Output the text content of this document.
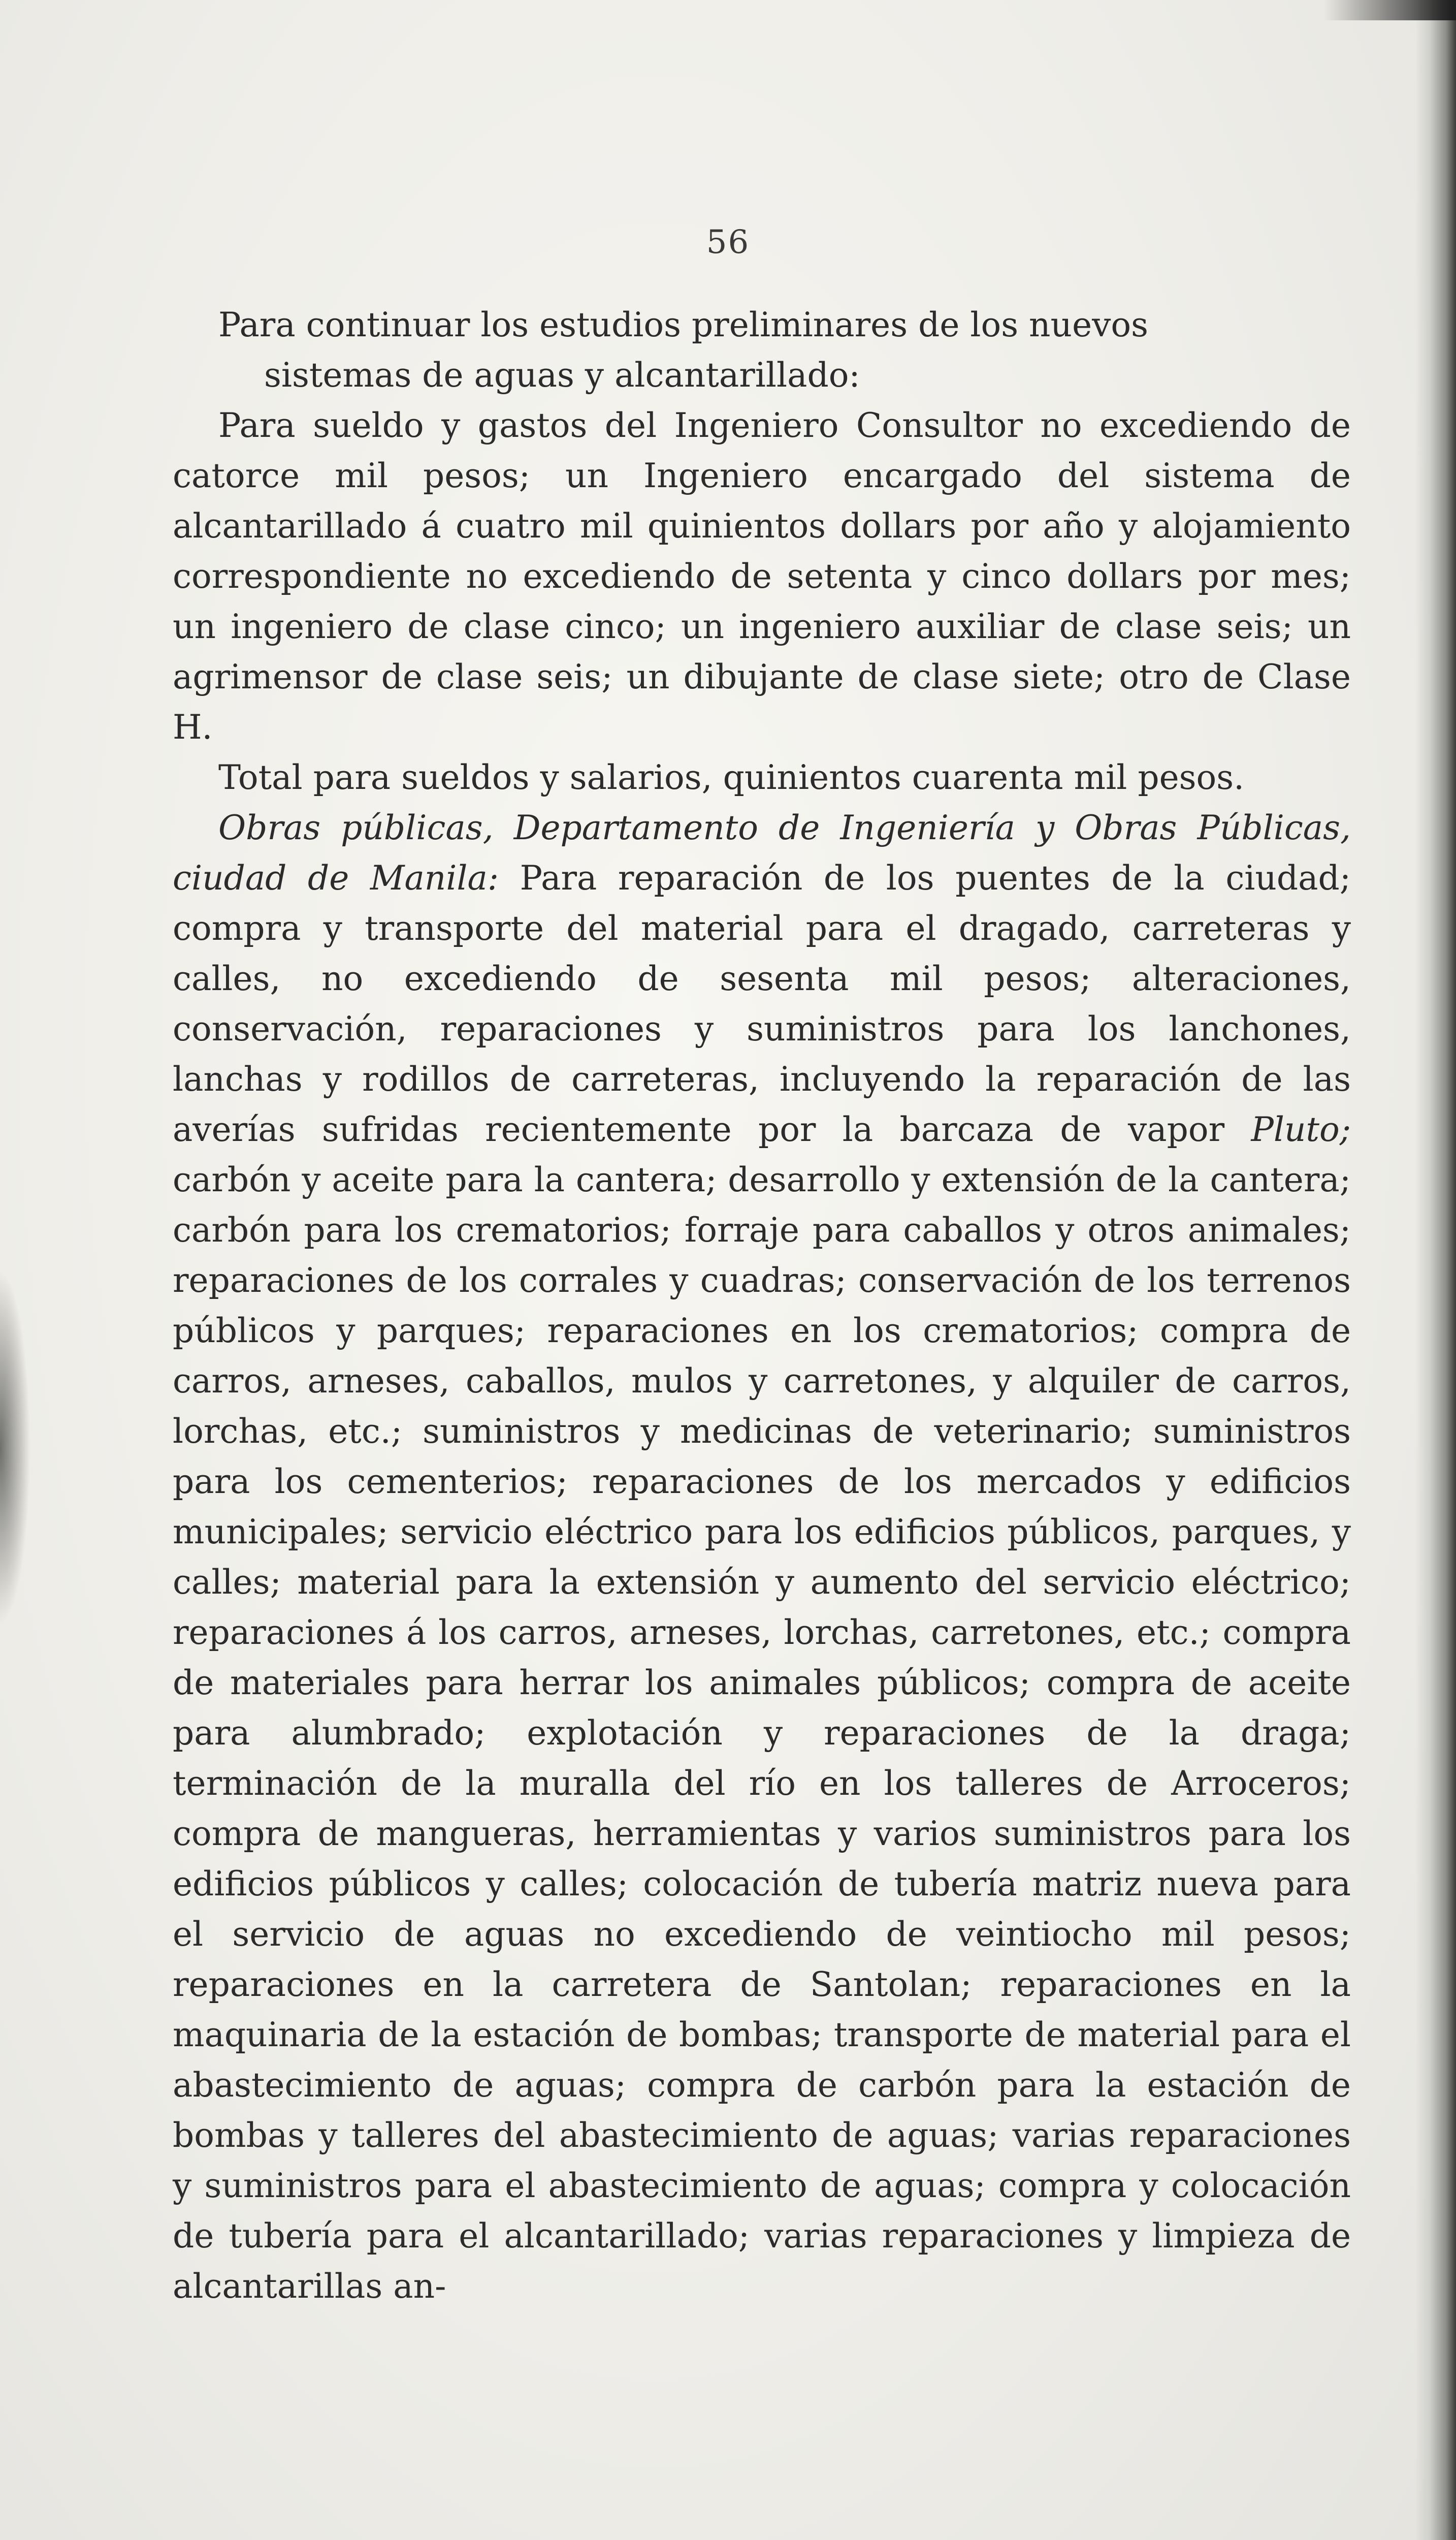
56

Para continuar los estudios preliminares de los nuevos
sistemas de aguas y alcantarillado:

Para sueldo y gastos del Ingeniero Consultor no excediendo de catorce mil pesos; un Ingeniero encargado del sistema de alcantarillado á cuatro mil quinientos dollars por año y alojamiento correspondiente no excediendo de setenta y cinco dollars por mes; un ingeniero de clase cinco; un ingeniero auxiliar de clase seis; un agrimensor de clase seis; un dibujante de clase siete; otro de Clase H.

Total para sueldos y salarios, quinientos cuarenta mil pesos.

Obras públicas, Departamento de Ingeniería y Obras Públicas, ciudad de Manila: Para reparación de los puentes de la ciudad; compra y transporte del material para el dragado, carreteras y calles, no excediendo de sesenta mil pesos; alteraciones, conservación, reparaciones y suministros para los lanchones, lanchas y rodillos de carreteras, incluyendo la reparación de las averías sufridas recientemente por la barcaza de vapor Pluto; carbón y aceite para la cantera; desarrollo y extensión de la cantera; carbón para los crematorios; forraje para caballos y otros animales; reparaciones de los corrales y cuadras; conservación de los terrenos públicos y parques; reparaciones en los crematorios; compra de carros, arneses, caballos, mulos y carretones, y alquiler de carros, lorchas, etc.; suministros y medicinas de veterinario; suministros para los cementerios; reparaciones de los mercados y edificios municipales; servicio eléctrico para los edificios públicos, parques, y calles; material para la extensión y aumento del servicio eléctrico; reparaciones á los carros, arneses, lorchas, carretones, etc.; compra de materiales para herrar los animales públicos; compra de aceite para alumbrado; explotación y reparaciones de la draga; terminación de la muralla del río en los talleres de Arroceros; compra de mangueras, herramientas y varios suministros para los edificios públicos y calles; colocación de tubería matriz nueva para el servicio de aguas no excediendo de veintiocho mil pesos; reparaciones en la carretera de Santolan; reparaciones en la maquinaria de la estación de bombas; transporte de material para el abastecimiento de aguas; compra de carbón para la estación de bombas y talleres del abastecimiento de aguas; varias reparaciones y suministros para el abastecimiento de aguas; compra y colocación de tubería para el alcantarillado; varias reparaciones y limpieza de alcantarillas an-
